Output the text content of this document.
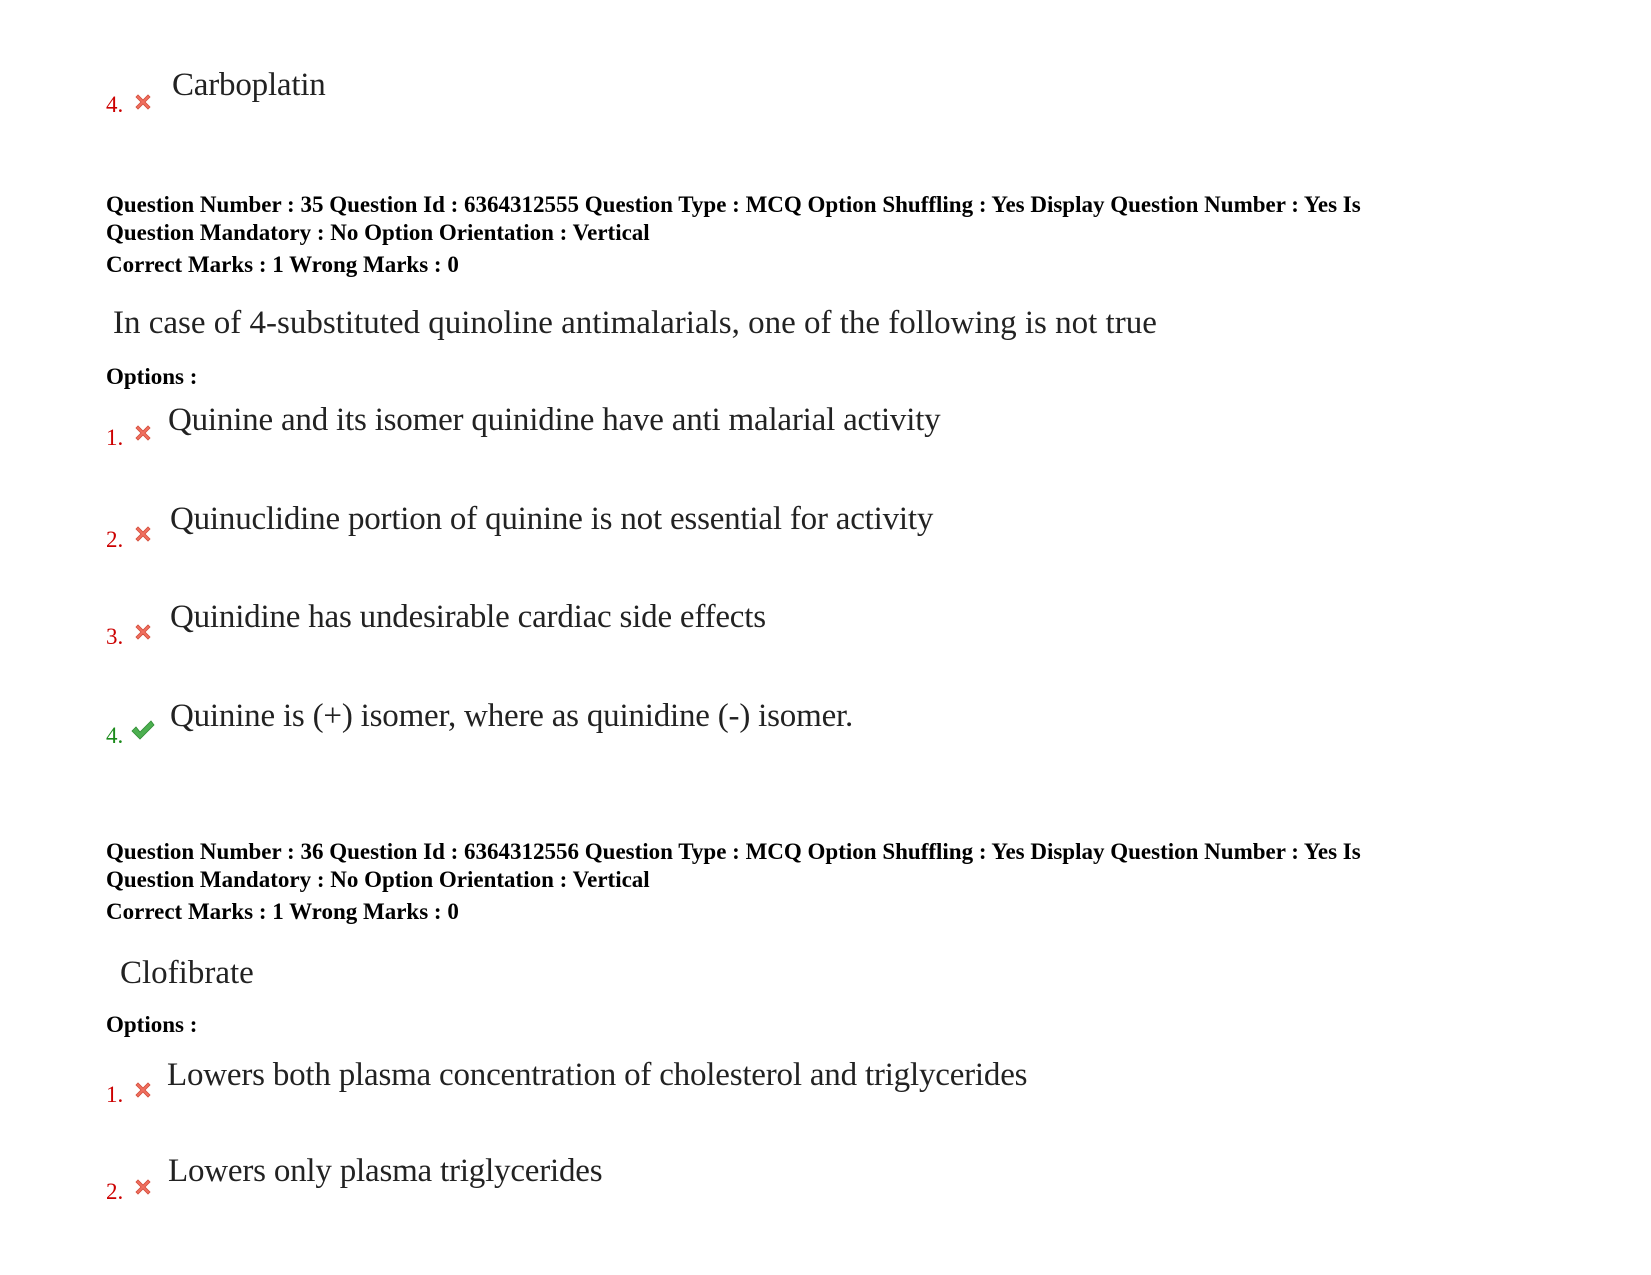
Carboplatin
4.
Question Number : 35 Question Id : 6364312555 Question Type : MCQ Option Shuffling : Yes Display Question Number : Yes Is
Question Mandatory : No Option Orientation : Vertical
Correct Marks : 1 Wrong Marks : 0
In case of 4-substituted quinoline antimalarials, one of the following is not true
Options :
Quinine and its isomer quinidine have anti malarial activity
1.
Quinuclidine portion of quinine is not essential for activity
2.
Quinidine has undesirable cardiac side effects
3.
Quinine is (+) isomer, where as quinidine (-) isomer.
4.
Question Number : 36 Question Id : 6364312556 Question Type : MCQ Option Shuffling : Yes Display Question Number : Yes Is
Question Mandatory : No Option Orientation : Vertical
Correct Marks : 1 Wrong Marks : 0
Clofibrate
Options :
Lowers both plasma concentration of cholesterol and triglycerides
1.
Lowers only plasma triglycerides
2.
